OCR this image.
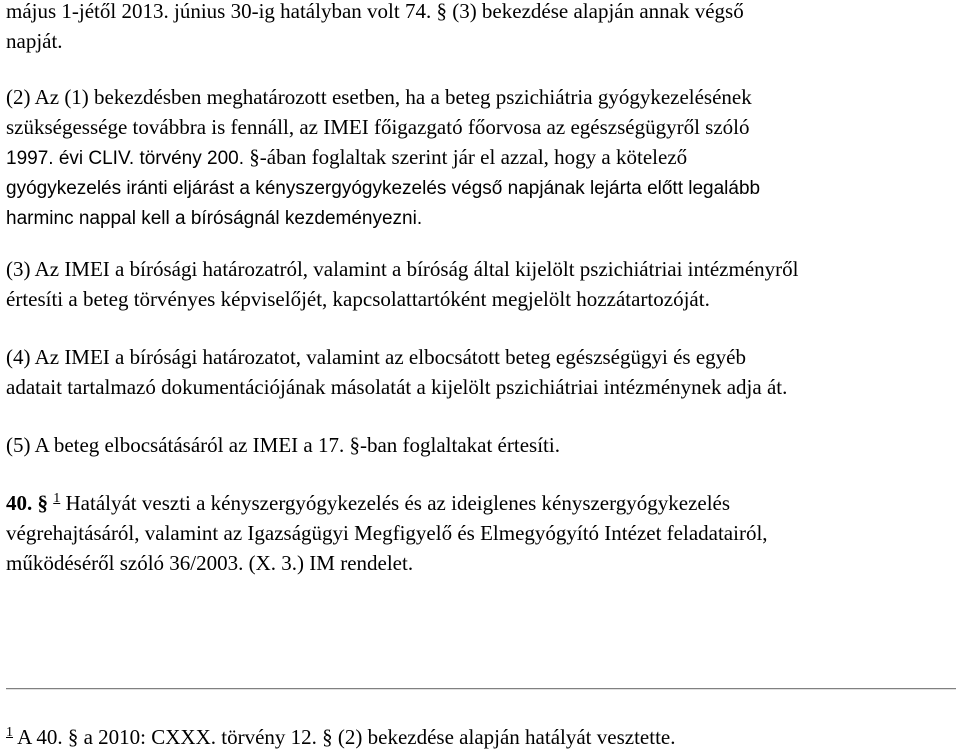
május 1-jétől 2013. június 30-ig hatályban volt 74. § (3) bekezdése alapján annak végső

napját.

(2) Az (1) bekezdésben meghatározott esetben, ha a beteg pszichiátria gyógykezelésének

szükségessége továbbra is fennáll, az IMEI főigazgató főorvosa az egészségügyről szóló

1997. évi CLIV. törvény 200. §-ában foglaltak szerint jár el azzal, hogy a kötelező

gyógykezelés iránti eljárást a kényszergyógykezelés végső napjának lejárta előtt legalább

harminc nappal kell a bíróságnál kezdeményezni.

(3) Az IMEI a bírósági határozatról, valamint a bíróság által kijelölt pszichiátriai intézményről

értesíti a beteg törvényes képviselőjét, kapcsolattartóként megjelölt hozzátartozóját.

(4) Az IMEI a bírósági határozatot, valamint az elbocsátott beteg egészségügyi és egyéb

adatait tartalmazó dokumentációjának másolatát a kijelölt pszichiátriai intézménynek adja át.

(5) A beteg elbocsátásáról az IMEI a 17. §-ban foglaltakat értesíti.

40. § $^1$ Hatályát veszti a kényszergyógykezelés és az ideiglenes kényszergyógykezelés

végrehajtásáról, valamint az Igazságügyi Megfigyelő és Elmegyógyító Intézet feladatairól,

működéséről szóló 36/2003. (X. 3.) IM rendelet.

$^1$ A 40. § a 2010: CXXX. törvény 12. § (2) bekezdése alapján hatályát vesztette.
